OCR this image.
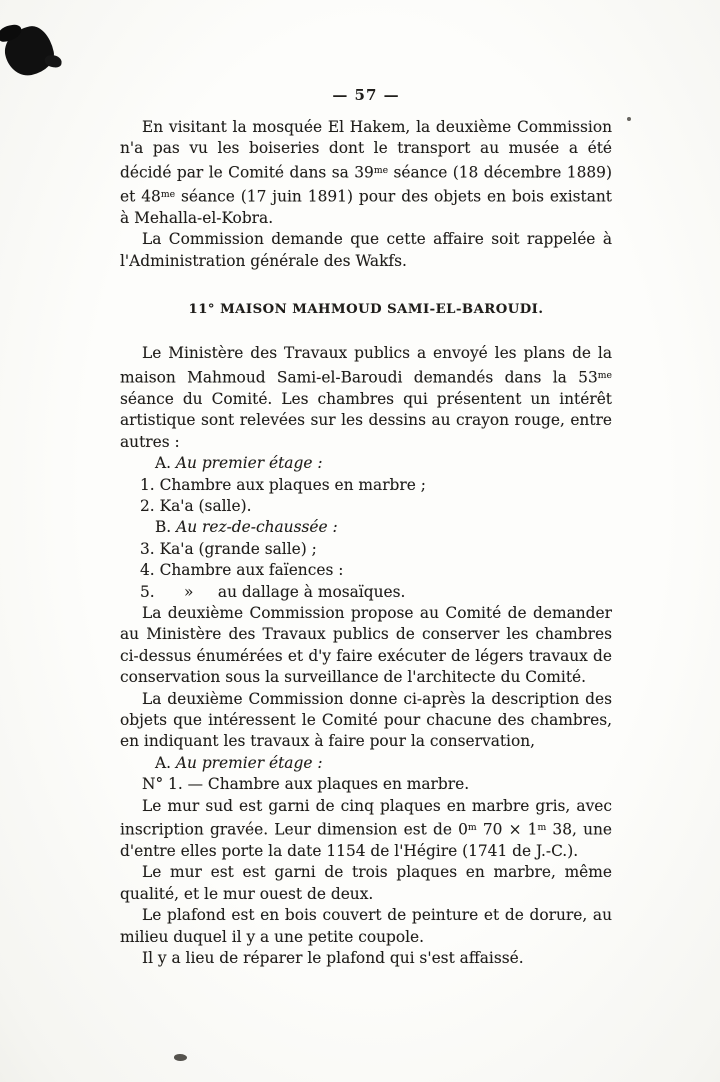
— 57 —

En visitant la mosquée El Hakem, la deuxième Commission n'a pas vu les boiseries dont le transport au musée a été décidé par le Comité dans sa $39^{me}$ séance (18 décembre 1889) et $48^{me}$ séance (17 juin 1891) pour des objets en bois existant à Mehalla-el-Kobra.

La Commission demande que cette affaire soit rappelée à l'Administration générale des Wakfs.

11° MAISON MAHMOUD SAMI-EL-BAROUDI.

Le Ministère des Travaux publics a envoyé les plans de la maison Mahmoud Sami-el-Baroudi demandés dans la $53^{me}$ séance du Comité. Les chambres qui présentent un intérêt artistique sont relevées sur les dessins au crayon rouge, entre autres :

A. Au premier étage :

1. Chambre aux plaques en marbre ;

2. Ka'a (salle).

B. Au rez-de-chaussée :

3. Ka'a (grande salle) ;

4. Chambre aux faïences :

5.      »     au dallage à mosaïques.

La deuxième Commission propose au Comité de demander au Ministère des Travaux publics de conserver les chambres ci-dessus énumérées et d'y faire exécuter de légers travaux de conservation sous la surveillance de l'architecte du Comité.

La deuxième Commission donne ci-après la description des objets que intéressent le Comité pour chacune des chambres, en indiquant les travaux à faire pour la conservation,

A. Au premier étage :

N° 1. — Chambre aux plaques en marbre.

Le mur sud est garni de cinq plaques en marbre gris, avec inscription gravée. Leur dimension est de 0$^m$ $70 \times 1^m$ 38, une d'entre elles porte la date 1154 de l'Hégire (1741 de J.-C.).

Le mur est est garni de trois plaques en marbre, même qualité, et le mur ouest de deux.

Le plafond est en bois couvert de peinture et de dorure, au milieu duquel il y a une petite coupole.

Il y a lieu de réparer le plafond qui s'est affaissé.
